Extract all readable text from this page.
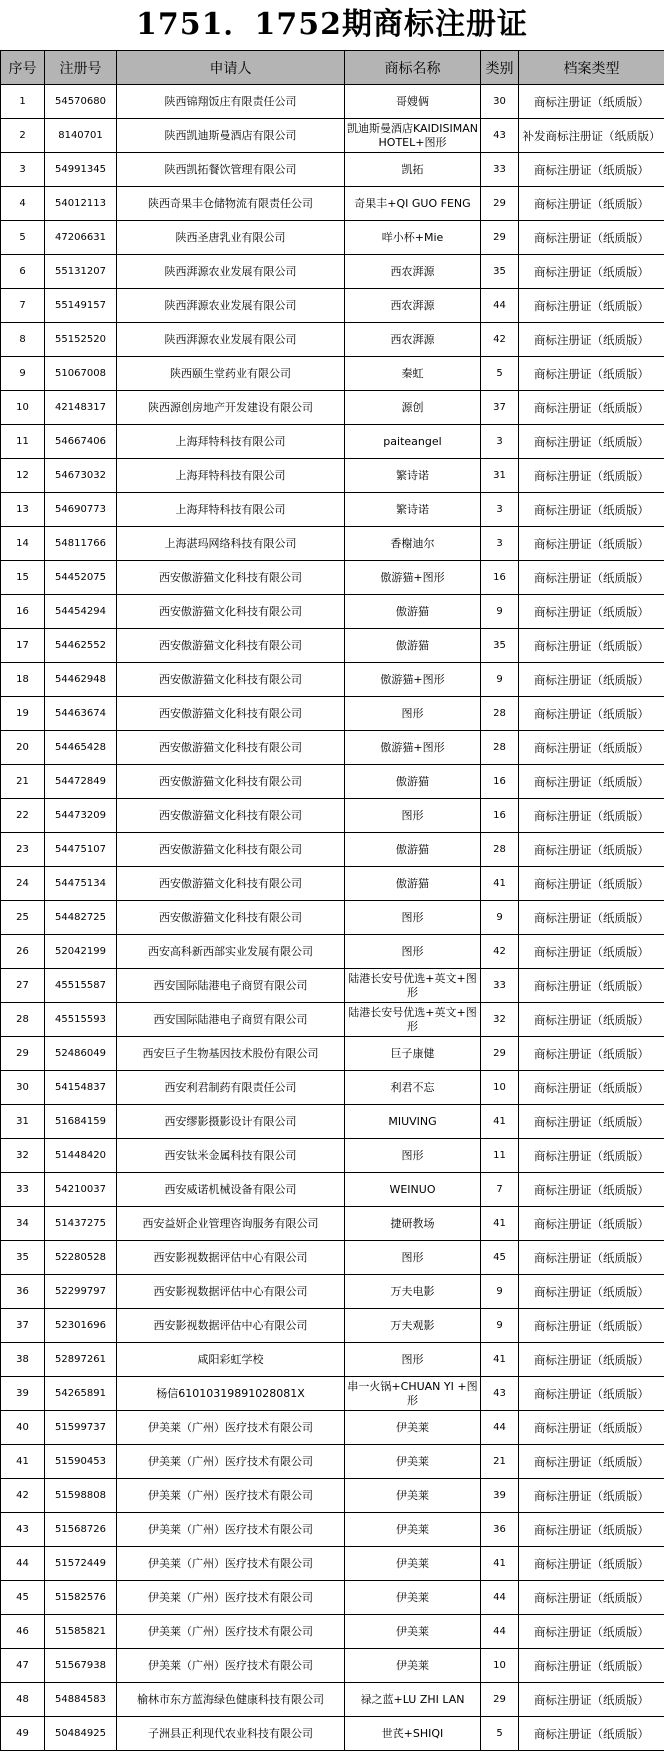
1751．1752期商标注册证
序号	注册号	申请人	商标名称	类别	档案类型
1	54570680	陕西锦翔饭庄有限责任公司	哥嫂俩	30	商标注册证（纸质版）
2	8140701	陕西凯迪斯曼酒店有限公司	凯迪斯曼酒店KAIDISIMANHOTEL+图形	43	补发商标注册证（纸质版）
3	54991345	陕西凯拓餐饮管理有限公司	凯拓	33	商标注册证（纸质版）
4	54012113	陕西奇果丰仓储物流有限责任公司	奇果丰+QI GUO FENG	29	商标注册证（纸质版）
5	47206631	陕西圣唐乳业有限公司	咩小杯+Mie	29	商标注册证（纸质版）
6	55131207	陕西湃源农业发展有限公司	西农湃源	35	商标注册证（纸质版）
7	55149157	陕西湃源农业发展有限公司	西农湃源	44	商标注册证（纸质版）
8	55152520	陕西湃源农业发展有限公司	西农湃源	42	商标注册证（纸质版）
9	51067008	陕西颐生堂药业有限公司	秦虹	5	商标注册证（纸质版）
10	42148317	陕西源创房地产开发建设有限公司	源创	37	商标注册证（纸质版）
11	54667406	上海拜特科技有限公司	paiteangel	3	商标注册证（纸质版）
12	54673032	上海拜特科技有限公司	繁诗诺	31	商标注册证（纸质版）
13	54690773	上海拜特科技有限公司	繁诗诺	3	商标注册证（纸质版）
14	54811766	上海湛玛网络科技有限公司	香榭迪尔	3	商标注册证（纸质版）
15	54452075	西安傲游猫文化科技有限公司	傲游猫+图形	16	商标注册证（纸质版）
16	54454294	西安傲游猫文化科技有限公司	傲游猫	9	商标注册证（纸质版）
17	54462552	西安傲游猫文化科技有限公司	傲游猫	35	商标注册证（纸质版）
18	54462948	西安傲游猫文化科技有限公司	傲游猫+图形	9	商标注册证（纸质版）
19	54463674	西安傲游猫文化科技有限公司	图形	28	商标注册证（纸质版）
20	54465428	西安傲游猫文化科技有限公司	傲游猫+图形	28	商标注册证（纸质版）
21	54472849	西安傲游猫文化科技有限公司	傲游猫	16	商标注册证（纸质版）
22	54473209	西安傲游猫文化科技有限公司	图形	16	商标注册证（纸质版）
23	54475107	西安傲游猫文化科技有限公司	傲游猫	28	商标注册证（纸质版）
24	54475134	西安傲游猫文化科技有限公司	傲游猫	41	商标注册证（纸质版）
25	54482725	西安傲游猫文化科技有限公司	图形	9	商标注册证（纸质版）
26	52042199	西安高科新西部实业发展有限公司	图形	42	商标注册证（纸质版）
27	45515587	西安国际陆港电子商贸有限公司	陆港长安号优选+英文+图形	33	商标注册证（纸质版）
28	45515593	西安国际陆港电子商贸有限公司	陆港长安号优选+英文+图形	32	商标注册证（纸质版）
29	52486049	西安巨子生物基因技术股份有限公司	巨子康健	29	商标注册证（纸质版）
30	54154837	西安利君制药有限责任公司	利君不忘	10	商标注册证（纸质版）
31	51684159	西安缪影摄影设计有限公司	MIUVING	41	商标注册证（纸质版）
32	51448420	西安钛米金属科技有限公司	图形	11	商标注册证（纸质版）
33	54210037	西安威诺机械设备有限公司	WEINUO	7	商标注册证（纸质版）
34	51437275	西安益妍企业管理咨询服务有限公司	捷研教场	41	商标注册证（纸质版）
35	52280528	西安影视数据评估中心有限公司	图形	45	商标注册证（纸质版）
36	52299797	西安影视数据评估中心有限公司	万夫电影	9	商标注册证（纸质版）
37	52301696	西安影视数据评估中心有限公司	万夫观影	9	商标注册证（纸质版）
38	52897261	咸阳彩虹学校	图形	41	商标注册证（纸质版）
39	54265891	杨信610103198910280​81X	串一火锅+CHUAN YI +图形	43	商标注册证（纸质版）
40	51599737	伊美莱（广州）医疗技术有限公司	伊美莱	44	商标注册证（纸质版）
41	51590453	伊美莱（广州）医疗技术有限公司	伊美莱	21	商标注册证（纸质版）
42	51598808	伊美莱（广州）医疗技术有限公司	伊美莱	39	商标注册证（纸质版）
43	51568726	伊美莱（广州）医疗技术有限公司	伊美莱	36	商标注册证（纸质版）
44	51572449	伊美莱（广州）医疗技术有限公司	伊美莱	41	商标注册证（纸质版）
45	51582576	伊美莱（广州）医疗技术有限公司	伊美莱	44	商标注册证（纸质版）
46	51585821	伊美莱（广州）医疗技术有限公司	伊美莱	44	商标注册证（纸质版）
47	51567938	伊美莱（广州）医疗技术有限公司	伊美莱	10	商标注册证（纸质版）
48	54884583	榆林市东方蓝海绿色健康科技有限公司	禄之蓝+LU ZHI LAN	29	商标注册证（纸质版）
49	50484925	子洲县正利现代农业科技有限公司	世芪+SHIQI	5	商标注册证（纸质版）
